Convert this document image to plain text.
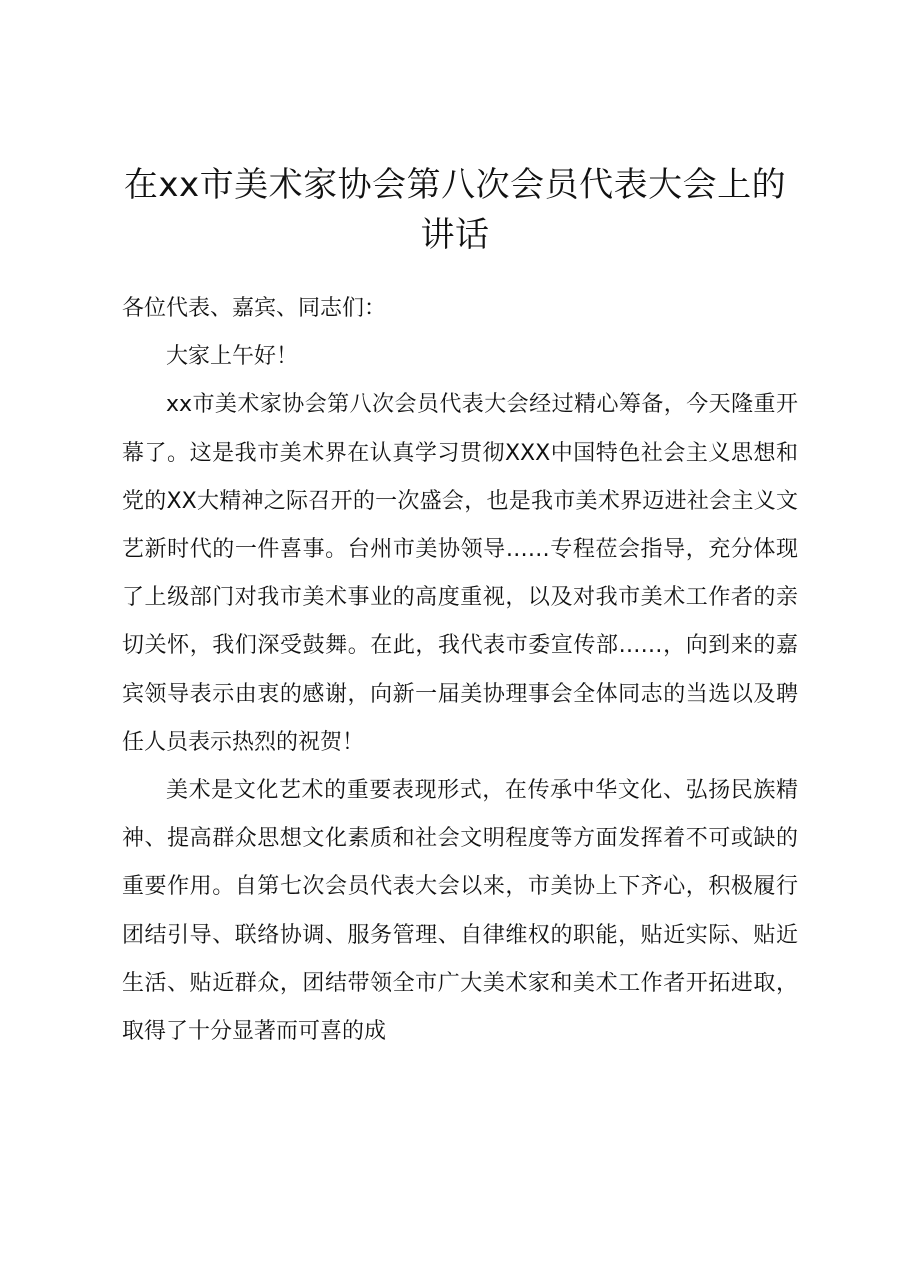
在xx市美术家协会第八次会员代表大会上的讲话

各位代表、嘉宾、同志们：

大家上午好！

xx市美术家协会第八次会员代表大会经过精心筹备，今天隆重开幕了。这是我市美术界在认真学习贯彻XXX中国特色社会主义思想和党的XX大精神之际召开的一次盛会，也是我市美术界迈进社会主义文艺新时代的一件喜事。台州市美协领导……专程莅会指导，充分体现了上级部门对我市美术事业的高度重视，以及对我市美术工作者的亲切关怀，我们深受鼓舞。在此，我代表市委宣传部……，向到来的嘉宾领导表示由衷的感谢，向新一届美协理事会全体同志的当选以及聘任人员表示热烈的祝贺！

美术是文化艺术的重要表现形式，在传承中华文化、弘扬民族精神、提高群众思想文化素质和社会文明程度等方面发挥着不可或缺的重要作用。自第七次会员代表大会以来，市美协上下齐心，积极履行团结引导、联络协调、服务管理、自律维权的职能，贴近实际、贴近生活、贴近群众，团结带领全市广大美术家和美术工作者开拓进取，取得了十分显著而可喜的成
